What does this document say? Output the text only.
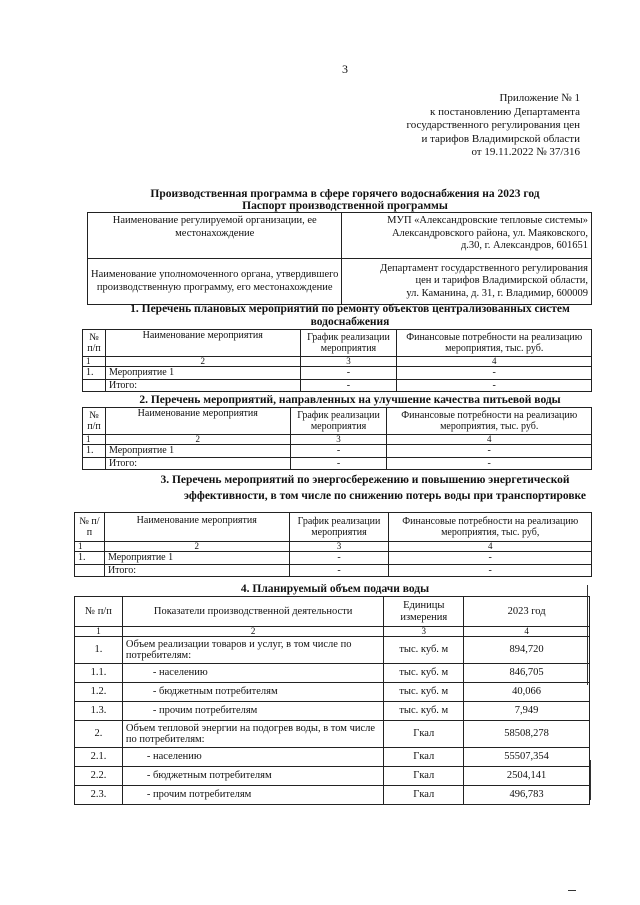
3
Приложение № 1
к постановлению Департамента
государственного регулирования цен
и тарифов Владимирской области
от 19.11.2022 № 37/316
Производственная программа в сфере горячего водоснабжения на 2023 год
Паспорт производственной программы
Наименование регулируемой организации, ее местонахождение	МУП «Александровские тепловые системы»
Александровского района, ул. Маяковского,
д.30, г. Александров, 601651

Наименование уполномоченного органа, утвердившего производственную программу, его местонахождение	Департамент государственного регулирования
цен и тарифов Владимирской области,
ул. Каманина, д. 31, г. Владимир, 600009
1. Перечень плановых мероприятий по ремонту объектов централизованных систем водоснабжения
№ п/п	Наименование мероприятия	График реализации мероприятия	Финансовые потребности на реализацию мероприятия, тыс. руб.
1	2	3	4
1.	Мероприятие 1	-	-
	Итого:	-	-
2. Перечень мероприятий, направленных на улучшение качества питьевой воды
№ п/п	Наименование мероприятия	График реализации мероприятия	Финансовые потребности на реализацию мероприятия, тыс. руб.
1	2	3	4
1.	Мероприятие 1	-	-
	Итого:	-	-
3. Перечень мероприятий по энергосбережению и повышению энергетической
эффективности, в том числе по снижению потерь воды при транспортировке
№ п/п	Наименование мероприятия	График реализации мероприятия	Финансовые потребности на реализацию мероприятия, тыс. руб,
1	2	3	4
1.	Мероприятие 1	-	-
	Итого:	-	-
4. Планируемый объем подачи воды
№ п/п	Показатели производственной деятельности	Единицы измерения	2023 год
1	2	3	4
1.	Объем реализации товаров и услуг, в том числе по потребителям:	тыс. куб. м	894,720
1.1.	- населению	тыс. куб. м	846,705
1.2.	- бюджетным потребителям	тыс. куб. м	40,066
1.3.	- прочим потребителям	тыс. куб. м	7,949
2.	Объем тепловой энергии на подогрев воды, в том числе по потребителям:	Гкал	58508,278
2.1.	- населению	Гкал	55507,354
2.2.	- бюджетным потребителям	Гкал	2504,141
2.3.	- прочим потребителям	Гкал	496,783
